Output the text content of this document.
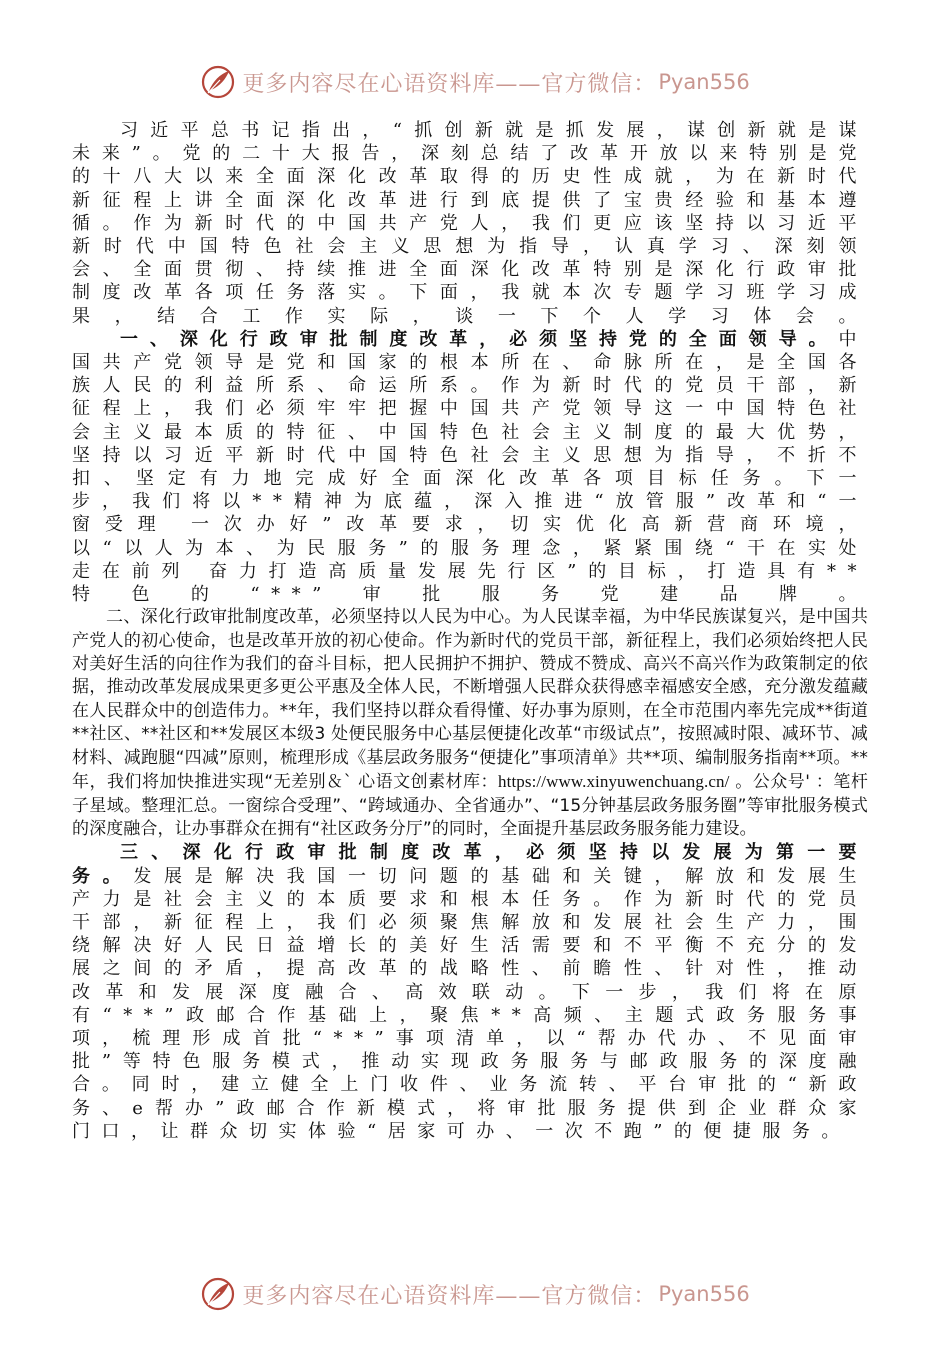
更多内容尽在心语资料库——官方微信： Pyan556

习近平总书记指出，“抓创新就是抓发展，谋创新就是谋未来”。党的二十大报告，深刻总结了改革开放以来特别是党的十八大以来全面深化改革取得的历史性成就，为在新时代新征程上讲全面深化改革进行到底提供了宝贵经验和基本遵循。作为新时代的中国共产党人，我们更应该坚持以习近平新时代中国特色社会主义思想为指导，认真学习、深刻领会、全面贯彻、持续推进全面深化改革特别是深化行政审批制度改革各项任务落实。下面，我就本次专题学习班学习成果，结合工作实际，谈一下个人学习体会。

一、深化行政审批制度改革，必须坚持党的全面领导。中国共产党领导是党和国家的根本所在、命脉所在，是全国各族人民的利益所系、命运所系。作为新时代的党员干部，新征程上，我们必须牢牢把握中国共产党领导这一中国特色社会主义最本质的特征、中国特色社会主义制度的最大优势，坚持以习近平新时代中国特色社会主义思想为指导，不折不扣、坚定有力地完成好全面深化改革各项目标任务。下一步，我们将以**精神为底蕴，深入推进“放管服”改革和“一窗受理 一次办好”改革要求，切实优化高新营商环境，以“以人为本、为民服务”的服务理念，紧紧围绕“干在实处 走在前列 奋力打造高质量发展先行区”的目标，打造具有**特色的“**”审批服务党建品牌。

二、深化行政审批制度改革，必须坚持以人民为中心。为人民谋幸福，为中华民族谋复兴，是中国共产党人的初心使命，也是改革开放的初心使命。作为新时代的党员干部，新征程上，我们必须始终把人民对美好生活的向往作为我们的奋斗目标，把人民拥护不拥护、赞成不赞成、高兴不高兴作为政策制定的依据，推动改革发展成果更多更公平惠及全体人民，不断增强人民群众获得感幸福感安全感，充分激发蕴藏在人民群众中的创造伟力。**年，我们坚持以群众看得懂、好办事为原则，在全市范围内率先完成**街道**社区、**社区和**发展区本级3 处便民服务中心基层便捷化改革“市级试点”，按照减时限、减环节、减材料、减跑腿“四减”原则，梳理形成《基层政务服务“便捷化”事项清单》共**项、编制服务指南**项。**年，我们将加快推进实现“无差别＆` 心语文创素材库：https://www.xinyuwenchuang.cn/ 。公众号' ：笔杆子星域。整理汇总。一窗综合受理”、“跨域通办、全省通办”、“15分钟基层政务服务圈”等审批服务模式的深度融合，让办事群众在拥有“社区政务分厅”的同时，全面提升基层政务服务能力建设。

三、深化行政审批制度改革，必须坚持以发展为第一要务。发展是解决我国一切问题的基础和关键，解放和发展生产力是社会主义的本质要求和根本任务。作为新时代的党员干部，新征程上，我们必须聚焦解放和发展社会生产力，围绕解决好人民日益增长的美好生活需要和不平衡不充分的发展之间的矛盾，提高改革的战略性、前瞻性、针对性，推动改革和发展深度融合、高效联动。下一步，我们将在原有“**”政邮合作基础上，聚焦**高频、主题式政务服务事项，梳理形成首批“**”事项清单，以“帮办代办、不见面审批”等特色服务模式，推动实现政务服务与邮政服务的深度融合。同时，建立健全上门收件、业务流转、平台审批的“新政务、e帮办”政邮合作新模式，将审批服务提供到企业群众家门口，让群众切实体验“居家可办、一次不跑”的便捷服务。

更多内容尽在心语资料库——官方微信： Pyan556
